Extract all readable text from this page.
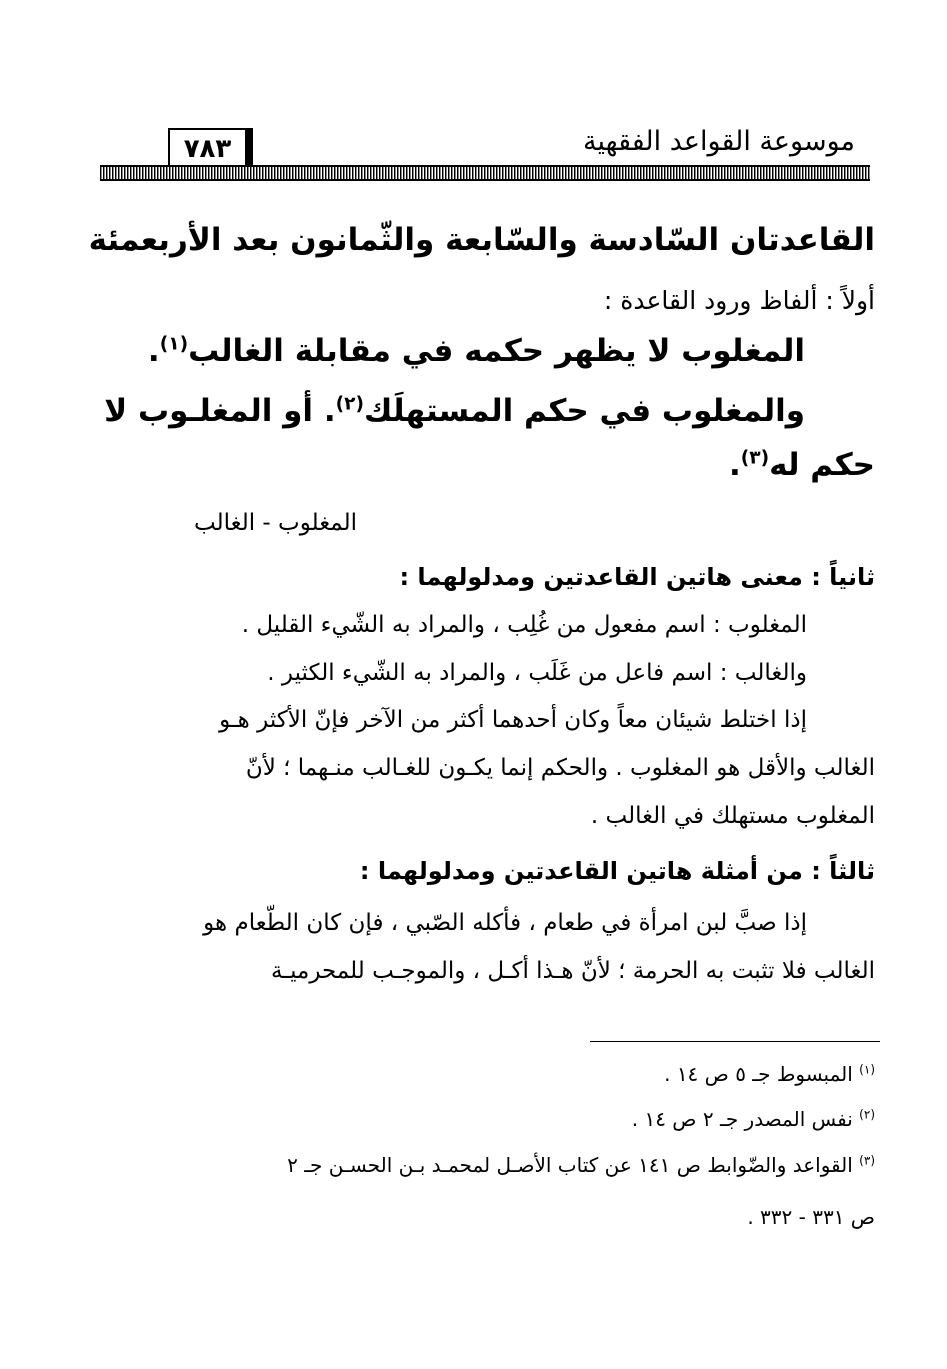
موسوعة القواعد الفقهية
٧٨٣
القاعدتان السّادسة والسّابعة والثّمانون بعد الأربعمئة
أولاً : ألفاظ ورود القاعدة :
المغلوب لا يظهر حكمه في مقابلة الغالب$^{(١)}$.
والمغلوب في حكم المستهلَك$^{(٢)}$. أو المغلـوب لا
حكم له$^{(٣)}$.
المغلوب - الغالب
ثانياً : معنى هاتين القاعدتين ومدلولهما :
المغلوب : اسم مفعول من غُلِب ، والمراد به الشّيء القليل .
والغالب : اسم فاعل من غَلَب ، والمراد به الشّيء الكثير .
إذا اختلط شيئان معاً وكان أحدهما أكثر من الآخر فإنّ الأكثر هـو
الغالب والأقل هو المغلوب . والحكم إنما يكـون للغـالب منـهما ؛ لأنّ
المغلوب مستهلك في الغالب .
ثالثاً : من أمثلة هاتين القاعدتين ومدلولهما :
إذا صبَّ لبن امرأة في طعام ، فأكله الصّبي ، فإن كان الطّعام هو
الغالب فلا تثبت به الحرمة ؛ لأنّ هـذا أكـل ، والموجـب للمحرميـة
$^{(١)}$ المبسوط جـ ٥ ص ١٤ .
$^{(٢)}$ نفس المصدر جـ ٢ ص ١٤ .
$^{(٣)}$ القواعد والضّوابط ص ١٤١ عن كتاب الأصـل لمحمـد بـن الحسـن جـ ٢
ص ٣٣١ - ٣٣٢ .
